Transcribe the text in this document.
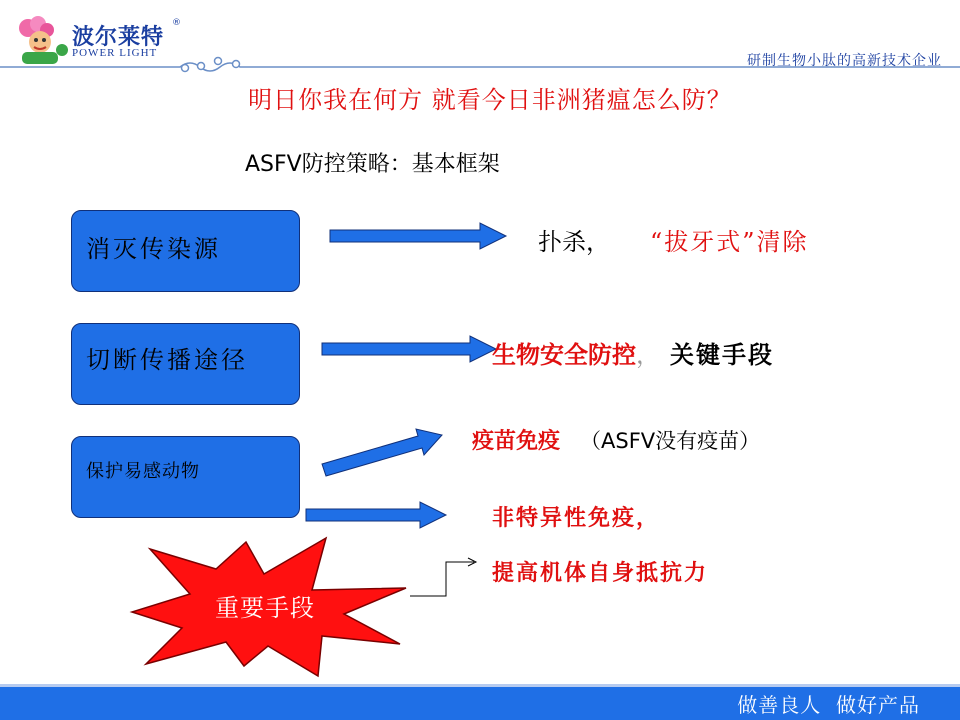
波尔莱特
®
POWER LIGHT	研制生物小肽的高新技术企业
明日你我在何方 就看今日非洲猪瘟怎么防？
ASFV防控策略：基本框架
消灭传染源
切断传播途径
保护易感动物
重要手段
扑杀， “拔牙式”清除
生物安全防控， 关键手段
疫苗免疫 （ASFV没有疫苗）
非特异性免疫，
提高机体自身抵抗力
做善良人  做好产品
